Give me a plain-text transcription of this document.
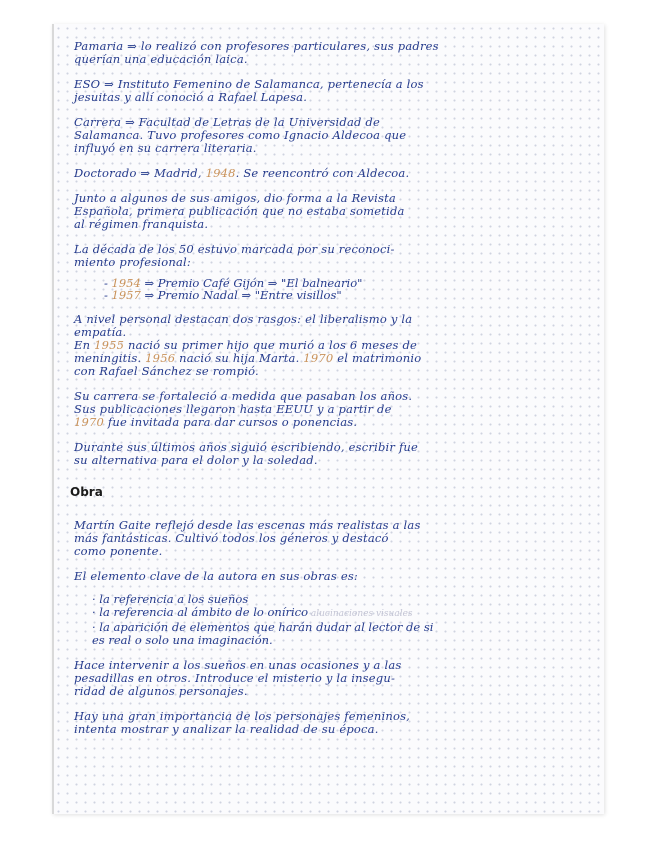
Pamaria ⇒ lo realizó con profesores particulares, sus padres
querían una educación laica.
ESO ⇒ Instituto Femenino de Salamanca, pertenecía a los
jesuitas y allí conoció a Rafael Lapesa.
Carrera ⇒ Facultad de Letras de la Universidad de
Salamanca. Tuvo profesores como Ignacio Aldecoa que
influyó en su carrera literaria.
Doctorado ⇒ Madrid, 1948. Se reencontró con Aldecoa.
Junto a algunos de sus amigos, dio forma a la Revista
Española, primera publicación que no estaba sometida
al régimen franquista.
La década de los 50 estuvo marcada por su reconoci-
miento profesional:
- 1954 ⇒ Premio Café Gijón ⇒ "El balneario"
- 1957 ⇒ Premio Nadal ⇒ "Entre visillos"
A nivel personal destacan dos rasgos: el liberalismo y la
empatía.
En 1955 nació su primer hijo que murió a los 6 meses de
meningitis. 1956 nació su hija Marta. 1970 el matrimonio
con Rafael Sánchez se rompió.
Su carrera se fortaleció a medida que pasaban los años.
Sus publicaciones llegaron hasta EEUU y a partir de
1970 fue invitada para dar cursos o ponencias.
Durante sus últimos años siguió escribiendo, escribir fue
su alternativa para el dolor y la soledad.
Obra
Martín Gaite reflejó desde las escenas más realistas a las
más fantásticas. Cultivó todos los géneros y destacó
como ponente.
El elemento clave de la autora en sus obras es:
· la referencia a los sueños
· la referencia al ámbito de lo onírico alucinaciones visuales
· la aparición de elementos que harán dudar al lector de si
es real o solo una imaginación.
Hace intervenir a los sueños en unas ocasiones y a las
pesadillas en otros. Introduce el misterio y la insegu-
ridad de algunos personajes.
Hay una gran importancia de los personajes femeninos,
intenta mostrar y analizar la realidad de su época.
